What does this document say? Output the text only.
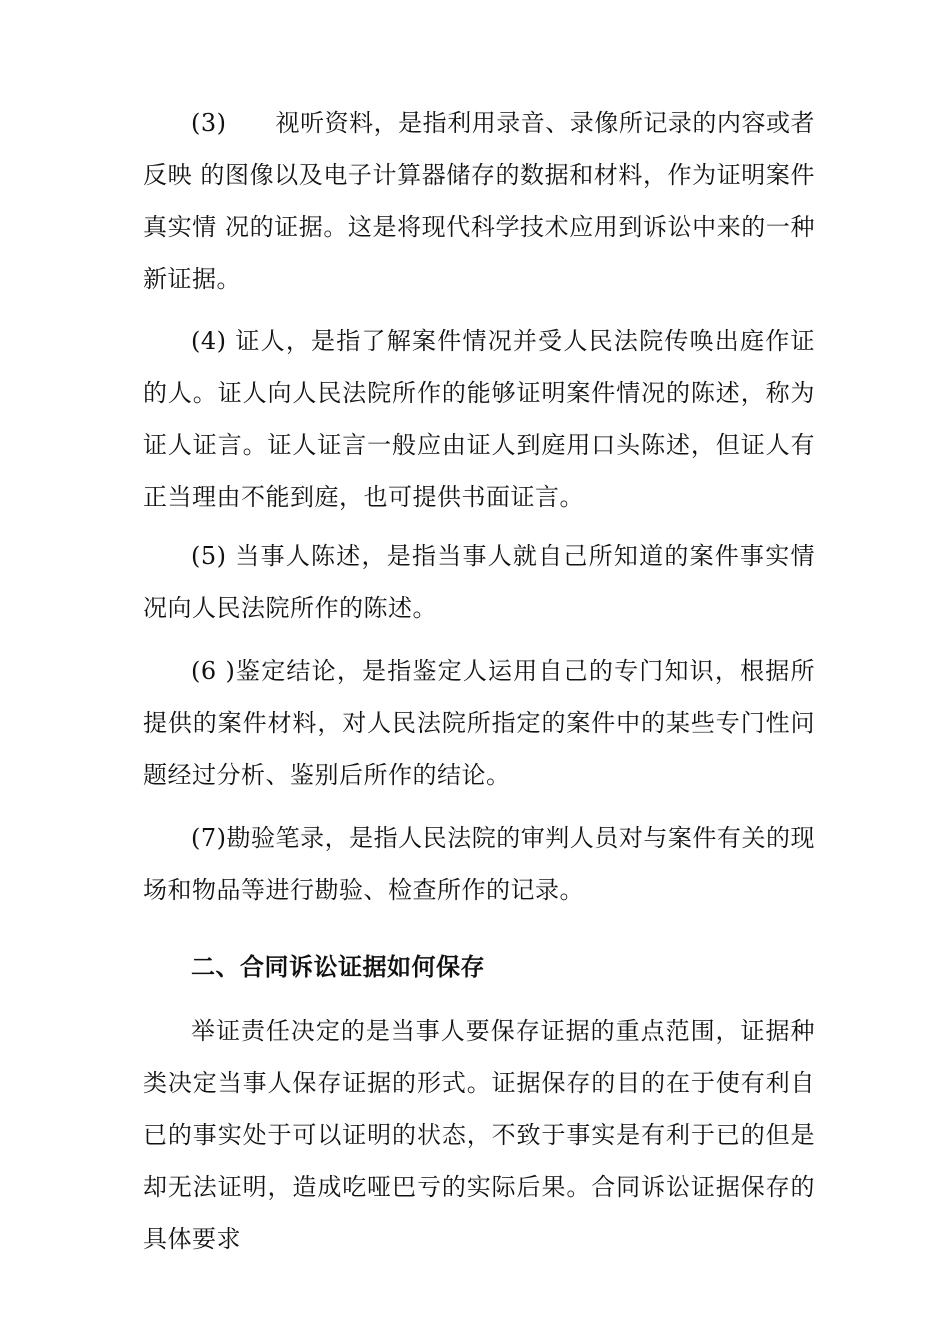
(3)　　视听资料，是指利用录音、录像所记录的内容或者反映 的图像以及电子计算器储存的数据和材料，作为证明案件真实情 况的证据。这是将现代科学技术应用到诉讼中来的一种新证据。

(4) 证人，是指了解案件情况并受人民法院传唤出庭作证的人。证人向人民法院所作的能够证明案件情况的陈述，称为证人证言。证人证言一般应由证人到庭用口头陈述，但证人有正当理由不能到庭，也可提供书面证言。

(5) 当事人陈述，是指当事人就自己所知道的案件事实情况向人民法院所作的陈述。

(6 )鉴定结论，是指鉴定人运用自己的专门知识，根据所提供的案件材料，对人民法院所指定的案件中的某些专门性问题经过分析、鉴别后所作的结论。

(7)勘验笔录，是指人民法院的审判人员对与案件有关的现场和物品等进行勘验、检查所作的记录。

二、合同诉讼证据如何保存

举证责任决定的是当事人要保存证据的重点范围，证据种类决定当事人保存证据的形式。证据保存的目的在于使有利自已的事实处于可以证明的状态，不致于事实是有利于已的但是却无法证明，造成吃哑巴亏的实际后果。合同诉讼证据保存的具体要求
